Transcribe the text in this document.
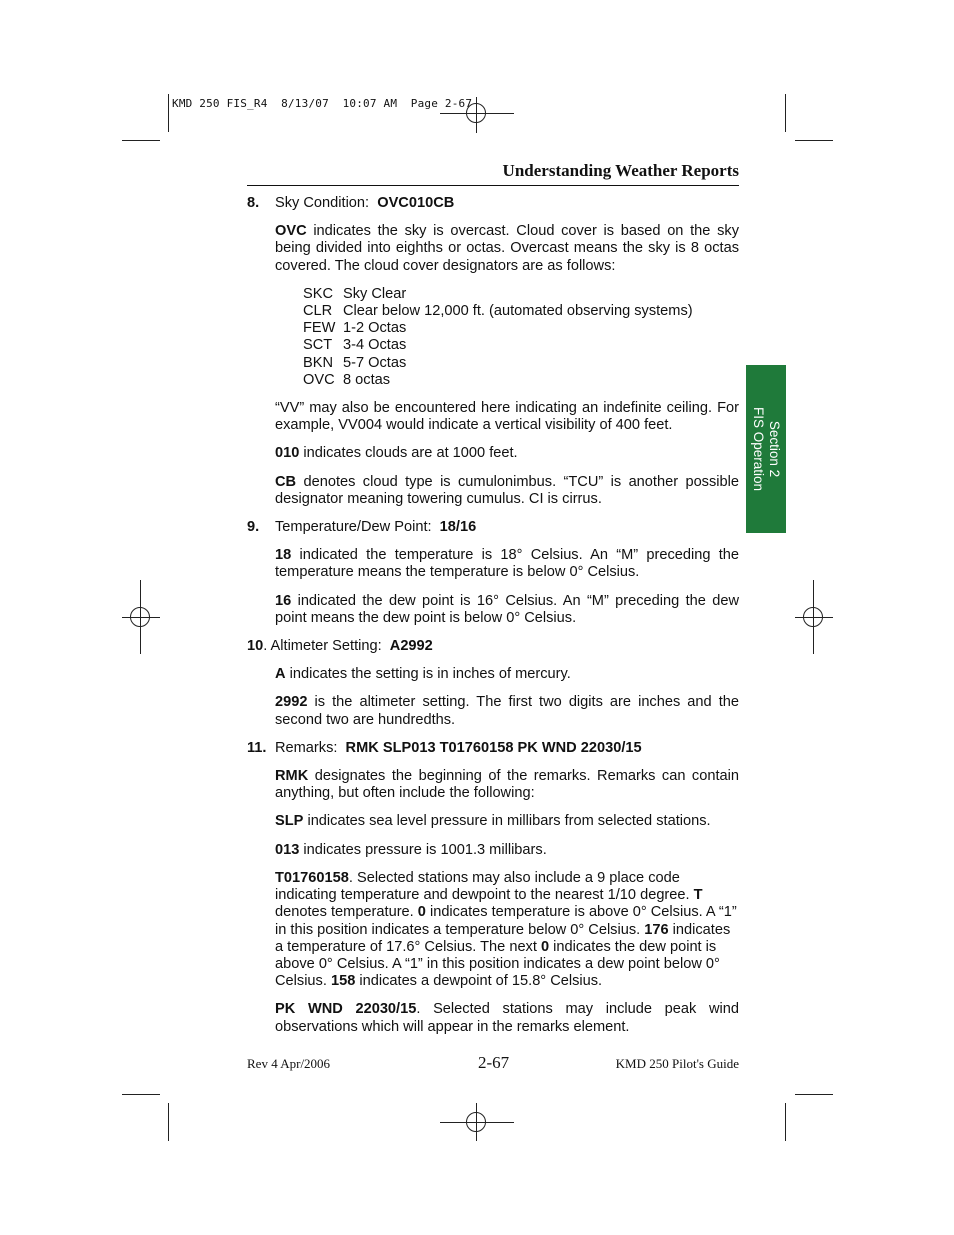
KMD 250 FIS_R4  8/13/07  10:07 AM  Page 2-67
Understanding Weather Reports
Section 2
FIS Operation
8. Sky Condition: OVC010CB

OVC indicates the sky is overcast. Cloud cover is based on the sky being divided into eighths or octas. Overcast means the sky is 8 octas covered. The cloud cover designators are as follows:

SKC Sky Clear
CLR Clear below 12,000 ft. (automated observing systems)
FEW 1-2 Octas
SCT 3-4 Octas
BKN 5-7 Octas
OVC 8 octas

“VV” may also be encountered here indicating an indefinite ceiling. For example, VV004 would indicate a vertical visibility of 400 feet.

010 indicates clouds are at 1000 feet.

CB denotes cloud type is cumulonimbus. “TCU” is another possible designator meaning towering cumulus. CI is cirrus.

9. Temperature/Dew Point: 18/16

18 indicated the temperature is 18° Celsius. An “M” preceding the temperature means the temperature is below 0° Celsius.

16 indicated the dew point is 16° Celsius. An “M” preceding the dew point means the dew point is below 0° Celsius.

10. Altimeter Setting: A2992

A indicates the setting is in inches of mercury.

2992 is the altimeter setting. The first two digits are inches and the second two are hundredths.

11. Remarks: RMK SLP013 T01760158 PK WND 22030/15

RMK designates the beginning of the remarks. Remarks can contain anything, but often include the following:

SLP indicates sea level pressure in millibars from selected stations.

013 indicates pressure is 1001.3 millibars.

T01760158. Selected stations may also include a 9 place code indicating temperature and dewpoint to the nearest 1/10 degree. T denotes temperature. 0 indicates temperature is above 0° Celsius. A “1” in this position indicates a temperature below 0° Celsius. 176 indicates a temperature of 17.6° Celsius. The next 0 indicates the dew point is above 0° Celsius. A “1” in this position indicates a dew point below 0° Celsius. 158 indicates a dewpoint of 15.8° Celsius.

PK WND 22030/15. Selected stations may include peak wind observations which will appear in the remarks element.

Rev 4 Apr/2006	2-67	KMD 250 Pilot's Guide
